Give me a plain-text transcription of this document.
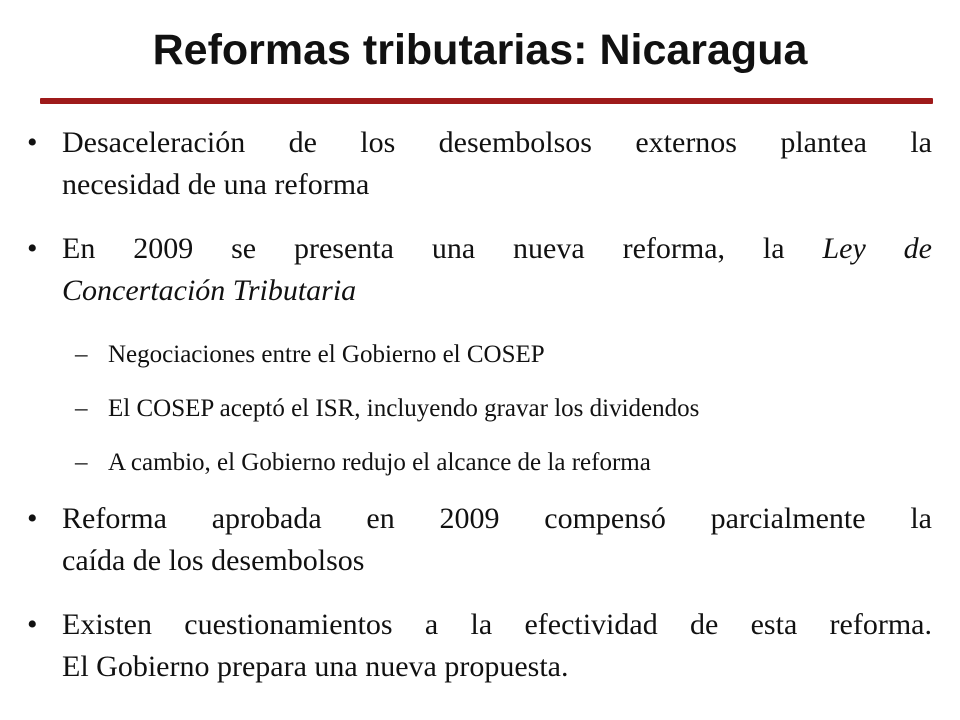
Reformas tributarias: Nicaragua
• Desaceleración de los desembolsos externos plantea la
necesidad de una reforma
• En 2009 se presenta una nueva reforma, la Ley de
Concertación Tributaria
– Negociaciones entre el Gobierno el COSEP
– El COSEP aceptó el ISR, incluyendo gravar los dividendos
– A cambio, el Gobierno redujo el alcance de la reforma
• Reforma aprobada en 2009 compensó parcialmente la
caída de los desembolsos
• Existen cuestionamientos a la efectividad de esta reforma.
El Gobierno prepara una nueva propuesta.
